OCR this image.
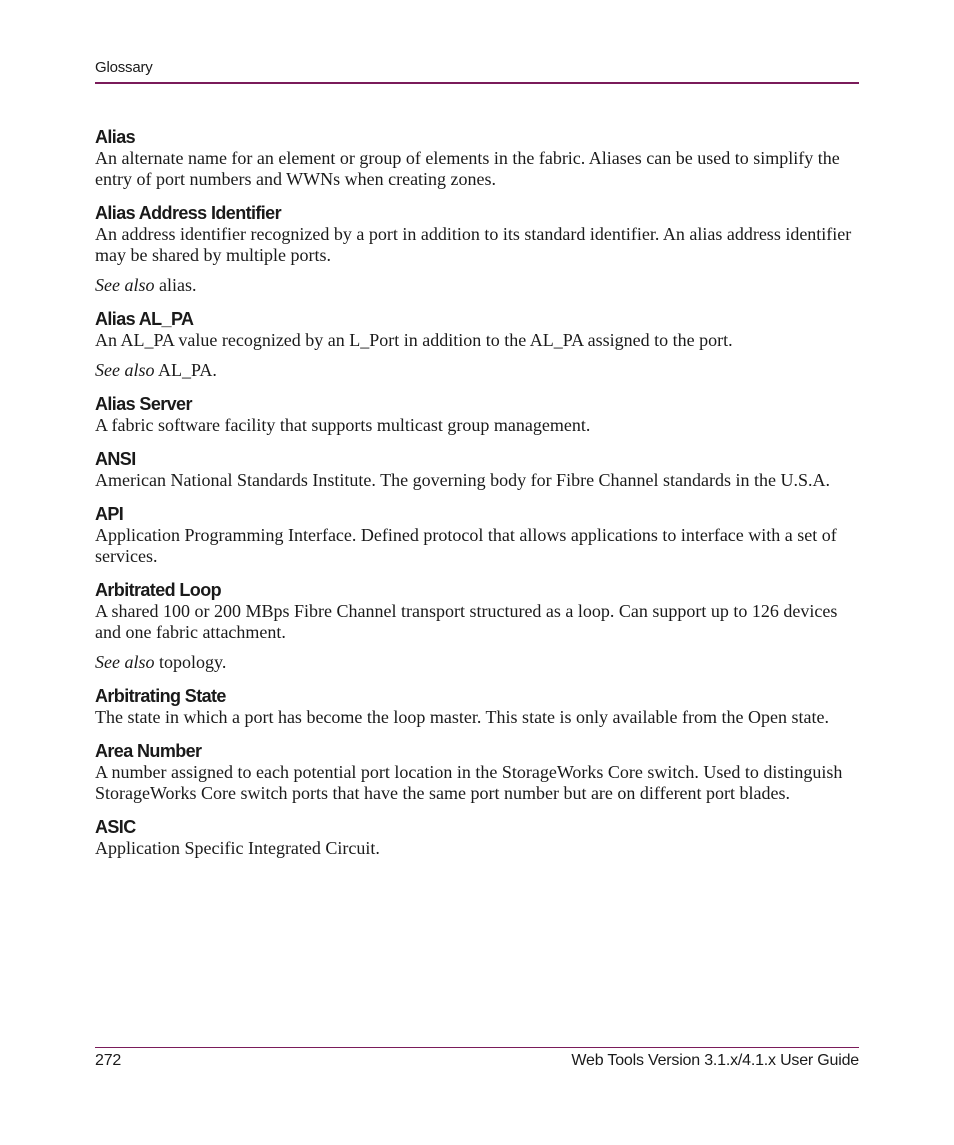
Glossary

Alias

An alternate name for an element or group of elements in the fabric. Aliases can be used to simplify the entry of port numbers and WWNs when creating zones.

Alias Address Identifier

An address identifier recognized by a port in addition to its standard identifier. An alias address identifier may be shared by multiple ports.

See also alias.

Alias AL_PA

An AL_PA value recognized by an L_Port in addition to the AL_PA assigned to the port.

See also AL_PA.

Alias Server

A fabric software facility that supports multicast group management.

ANSI

American National Standards Institute. The governing body for Fibre Channel standards in the U.S.A.

API

Application Programming Interface. Defined protocol that allows applications to interface with a set of services.

Arbitrated Loop

A shared 100 or 200 MBps Fibre Channel transport structured as a loop. Can support up to 126 devices and one fabric attachment.

See also topology.

Arbitrating State

The state in which a port has become the loop master. This state is only available from the Open state.

Area Number

A number assigned to each potential port location in the StorageWorks Core switch. Used to distinguish StorageWorks Core switch ports that have the same port number but are on different port blades.

ASIC

Application Specific Integrated Circuit.

272	Web Tools Version 3.1.x/4.1.x User Guide
